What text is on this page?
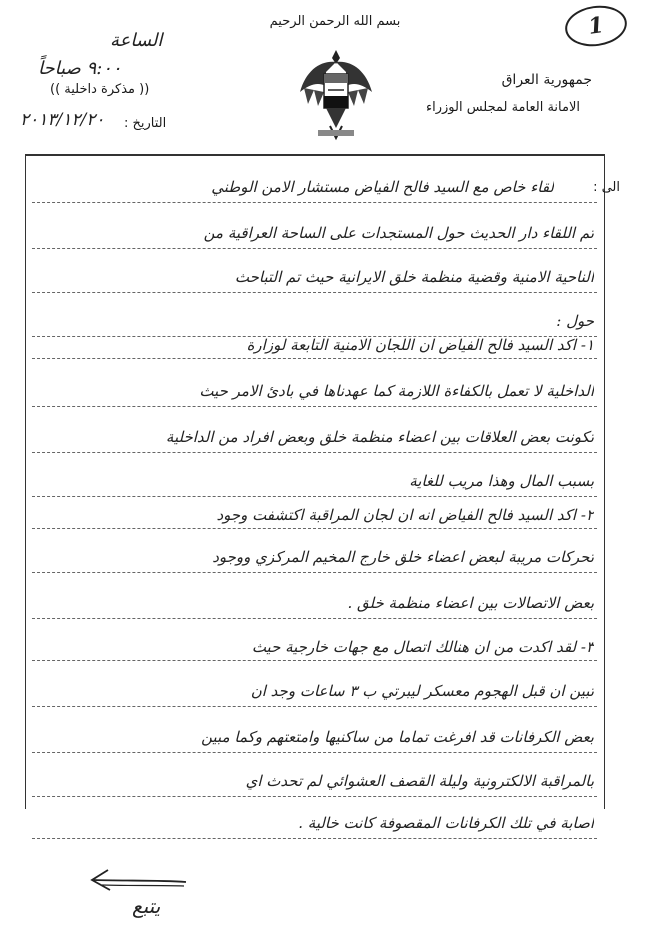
1
بسم الله الرحمن الرحيم
جمهورية العراق
الامانة العامة لمجلس الوزراء
الساعة
٩:٠٠ صباحاً
(( مذكرة داخلية ))
التاريخ :
٢٠١٣/١٢/٢٠
الى :
لقاء خاص مع السيد فالح الفياض مستشار الامن الوطني
تم اللقاء دار الحديث حول المستجدات على الساحة العراقية من
الناحية الامنية وقضية منظمة خلق الايرانية حيث تم التباحث
حول :
١- اكد السيد فالح الفياض ان اللجان الامنية التابعة لوزارة
الداخلية لا تعمل بالكفاءة اللازمة كما عهدناها في بادئ الامر حيث
تكونت بعض العلاقات بين اعضاء منظمة خلق وبعض افراد من الداخلية
بسبب المال وهذا مريب للغاية
٢- اكد السيد فالح الفياض انه ان لجان المراقبة اكتشفت وجود
تحركات مريبة لبعض اعضاء خلق خارج المخيم المركزي ووجود
بعض الاتصالات بين اعضاء منظمة خلق .
٣- لقد اكدت من ان هنالك اتصال مع جهات خارجية حيث
تبين ان قبل الهجوم معسكر ليبرتي ب ٣ ساعات وجد ان
بعض الكرفانات قد افرغت تماما من ساكنيها وامتعتهم وكما مبين
بالمراقبة الالكترونية وليلة القصف العشوائي لم تحدث اي
اصابة في تلك الكرفانات المقصوفة كانت خالية .
يتبع
